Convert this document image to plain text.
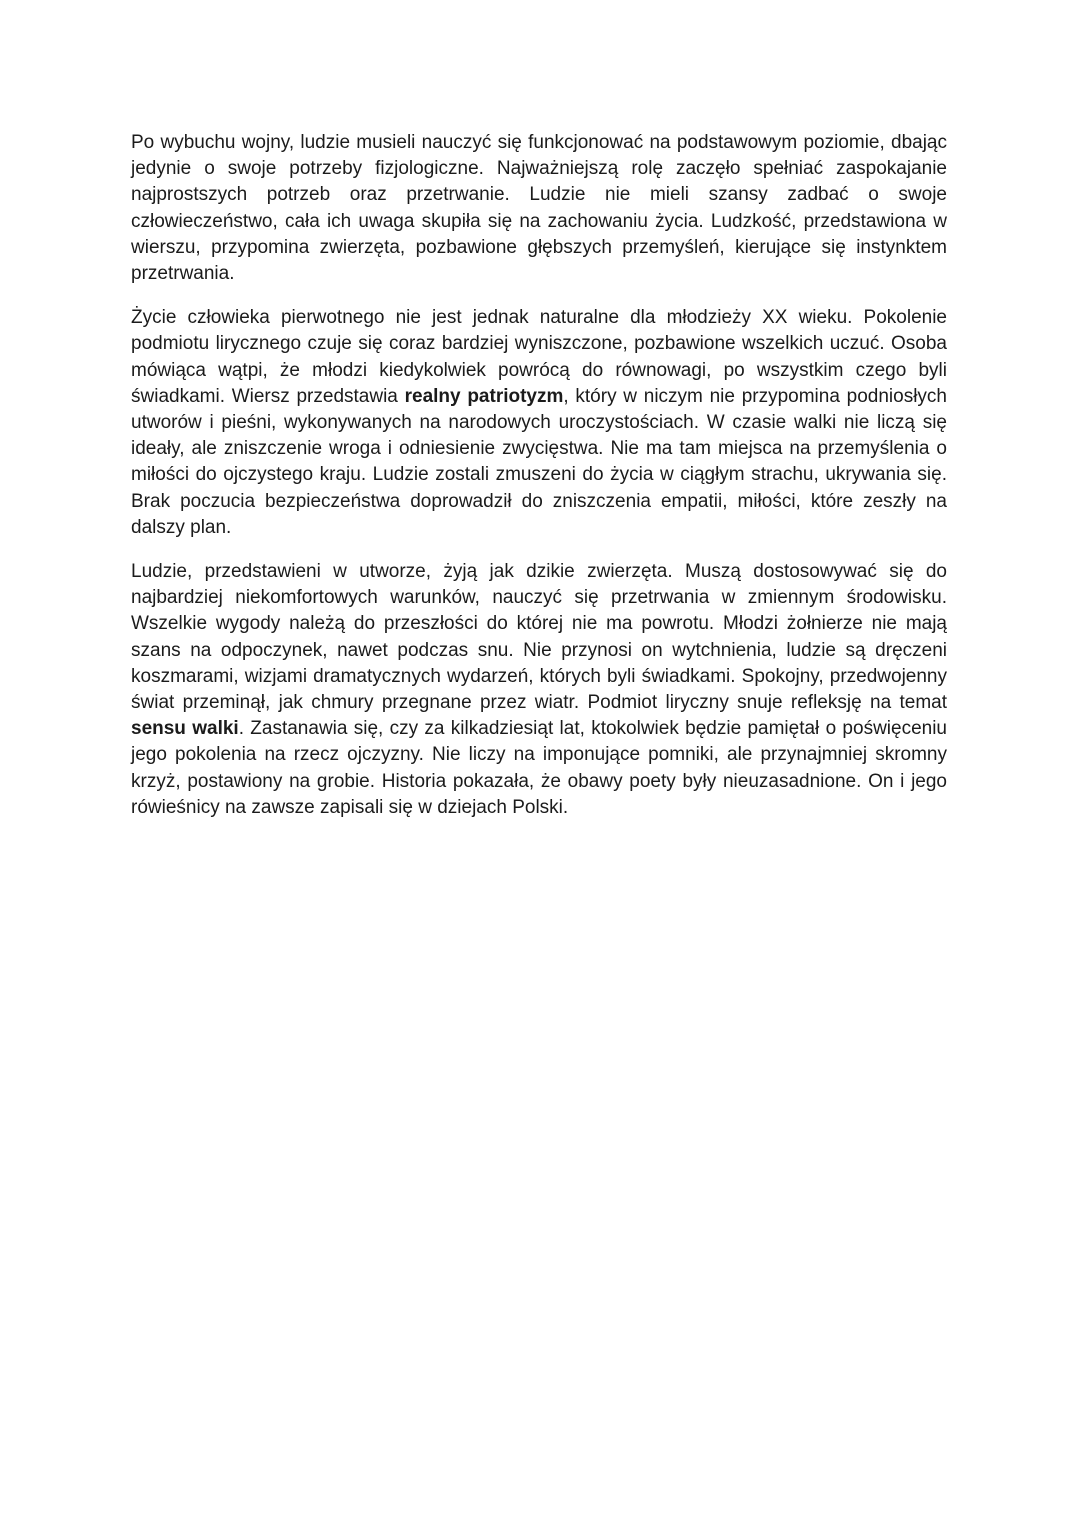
Po wybuchu wojny, ludzie musieli nauczyć się funkcjonować na podstawowym poziomie, dbając jedynie o swoje potrzeby fizjologiczne. Najważniejszą rolę zaczęło spełniać zaspokajanie najprostszych potrzeb oraz przetrwanie. Ludzie nie mieli szansy zadbać o swoje człowieczeństwo, cała ich uwaga skupiła się na zachowaniu życia. Ludzkość, przedstawiona w wierszu, przypomina zwierzęta, pozbawione głębszych przemyśleń, kierujące się instynktem przetrwania.

Życie człowieka pierwotnego nie jest jednak naturalne dla młodzieży XX wieku. Pokolenie podmiotu lirycznego czuje się coraz bardziej wyniszczone, pozbawione wszelkich uczuć. Osoba mówiąca wątpi, że młodzi kiedykolwiek powrócą do równowagi, po wszystkim czego byli świadkami. Wiersz przedstawia realny patriotyzm, który w niczym nie przypomina podniosłych utworów i pieśni, wykonywanych na narodowych uroczystościach. W czasie walki nie liczą się ideały, ale zniszczenie wroga i odniesienie zwycięstwa. Nie ma tam miejsca na przemyślenia o miłości do ojczystego kraju. Ludzie zostali zmuszeni do życia w ciągłym strachu, ukrywania się. Brak poczucia bezpieczeństwa doprowadził do zniszczenia empatii, miłości, które zeszły na dalszy plan.

Ludzie, przedstawieni w utworze, żyją jak dzikie zwierzęta. Muszą dostosowywać się do najbardziej niekomfortowych warunków, nauczyć się przetrwania w zmiennym środowisku. Wszelkie wygody należą do przeszłości do której nie ma powrotu. Młodzi żołnierze nie mają szans na odpoczynek, nawet podczas snu. Nie przynosi on wytchnienia, ludzie są dręczeni koszmarami, wizjami dramatycznych wydarzeń, których byli świadkami. Spokojny, przedwojenny świat przeminął, jak chmury przegnane przez wiatr. Podmiot liryczny snuje refleksję na temat sensu walki. Zastanawia się, czy za kilkadziesiąt lat, ktokolwiek będzie pamiętał o poświęceniu jego pokolenia na rzecz ojczyzny. Nie liczy na imponujące pomniki, ale przynajmniej skromny krzyż, postawiony na grobie. Historia pokazała, że obawy poety były nieuzasadnione. On i jego rówieśnicy na zawsze zapisali się w dziejach Polski.
